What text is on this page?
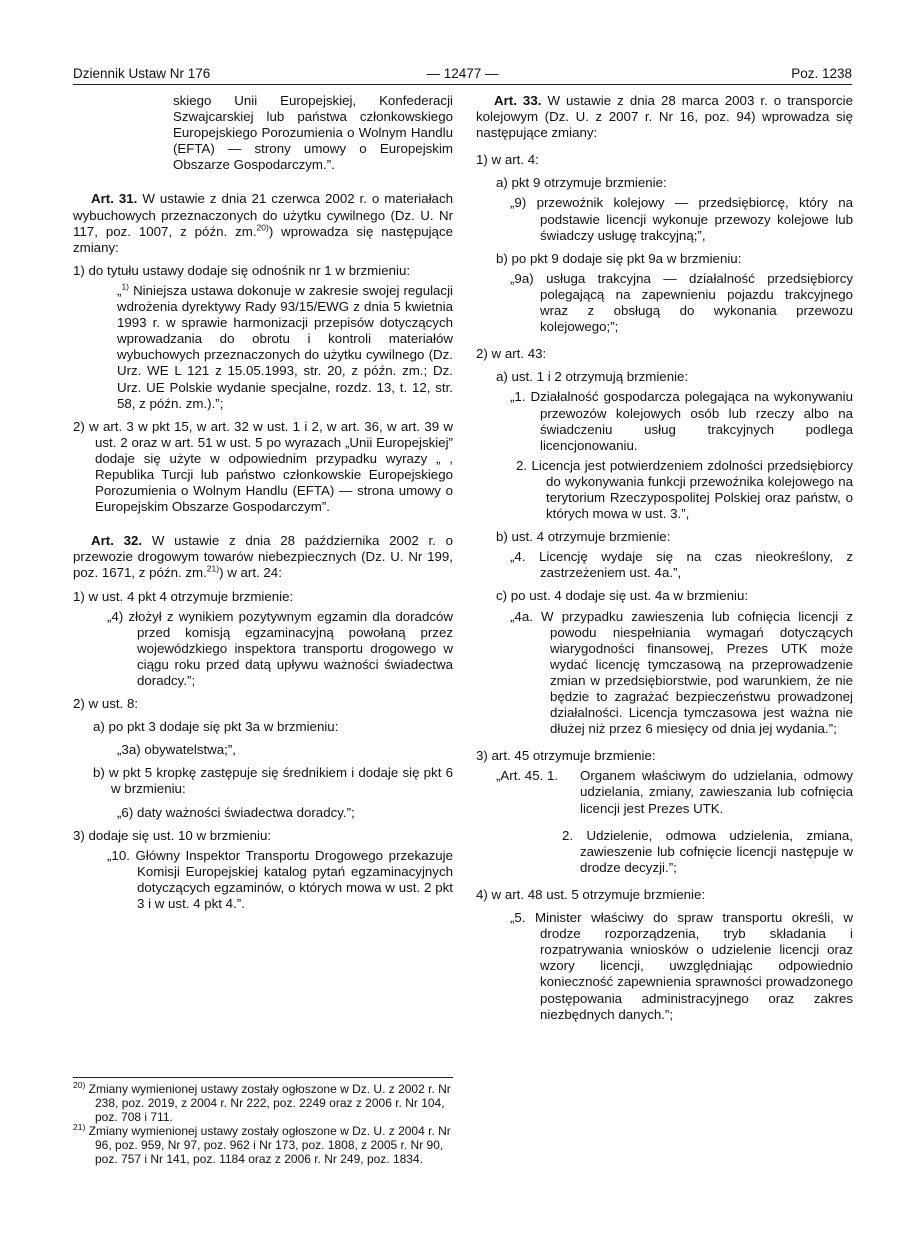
Dziennik Ustaw Nr 176	— 12477 —	Poz. 1238

skiego Unii Europejskiej, Konfederacji Szwajcarskiej lub państwa członkowskiego Europejskiego Porozumienia o Wolnym Handlu (EFTA) — strony umowy o Europejskim Obszarze Gospodarczym.”.

Art. 31. W ustawie z dnia 21 czerwca 2002 r. o materiałach wybuchowych przeznaczonych do użytku cywilnego (Dz. U. Nr 117, poz. 1007, z późn. zm.$^{20)}$) wprowadza się następujące zmiany:

1) do tytułu ustawy dodaje się odnośnik nr 1 w brzmieniu:

„$^{1)}$ Niniejsza ustawa dokonuje w zakresie swojej regulacji wdrożenia dyrektywy Rady 93/15/EWG z dnia 5 kwietnia 1993 r. w sprawie harmonizacji przepisów dotyczących wprowadzania do obrotu i kontroli materiałów wybuchowych przeznaczonych do użytku cywilnego (Dz. Urz. WE L 121 z 15.05.1993, str. 20, z późn. zm.; Dz. Urz. UE Polskie wydanie specjalne, rozdz. 13, t. 12, str. 58, z późn. zm.).”;

2) w art. 3 w pkt 15, w art. 32 w ust. 1 i 2, w art. 36, w art. 39 w ust. 2 oraz w art. 51 w ust. 5 po wyrazach „Unii Europejskiej” dodaje się użyte w odpowiednim przypadku wyrazy „ , Republika Turcji lub państwo członkowskie Europejskiego Porozumienia o Wolnym Handlu (EFTA) — strona umowy o Europejskim Obszarze Gospodarczym”.

Art. 32. W ustawie z dnia 28 października 2002 r. o przewozie drogowym towarów niebezpiecznych (Dz. U. Nr 199, poz. 1671, z późn. zm.$^{21)}$) w art. 24:

1) w ust. 4 pkt 4 otrzymuje brzmienie:

„4) złożył z wynikiem pozytywnym egzamin dla doradców przed komisją egzaminacyjną powołaną przez wojewódzkiego inspektora transportu drogowego w ciągu roku przed datą upływu ważności świadectwa doradcy.”;

2) w ust. 8:

a) po pkt 3 dodaje się pkt 3a w brzmieniu:

„3a) obywatelstwa;”,

b) w pkt 5 kropkę zastępuje się średnikiem i dodaje się pkt 6 w brzmieniu:

„6) daty ważności świadectwa doradcy.”;

3) dodaje się ust. 10 w brzmieniu:

„10. Główny Inspektor Transportu Drogowego przekazuje Komisji Europejskiej katalog pytań egzaminacyjnych dotyczących egzaminów, o których mowa w ust. 2 pkt 3 i w ust. 4 pkt 4.”.

$^{20)}$ Zmiany wymienionej ustawy zostały ogłoszone w Dz. U. z 2002 r. Nr 238, poz. 2019, z 2004 r. Nr 222, poz. 2249 oraz z 2006 r. Nr 104, poz. 708 i 711.

$^{21)}$ Zmiany wymienionej ustawy zostały ogłoszone w Dz. U. z 2004 r. Nr 96, poz. 959, Nr 97, poz. 962 i Nr 173, poz. 1808, z 2005 r. Nr 90, poz. 757 i Nr 141, poz. 1184 oraz z 2006 r. Nr 249, poz. 1834.

Art. 33. W ustawie z dnia 28 marca 2003 r. o transporcie kolejowym (Dz. U. z 2007 r. Nr 16, poz. 94) wprowadza się następujące zmiany:

1) w art. 4:

a) pkt 9 otrzymuje brzmienie:

„9) przewoźnik kolejowy — przedsiębiorcę, który na podstawie licencji wykonuje przewozy kolejowe lub świadczy usługę trakcyjną;”,

b) po pkt 9 dodaje się pkt 9a w brzmieniu:

„9a) usługa trakcyjna — działalność przedsiębiorcy polegającą na zapewnieniu pojazdu trakcyjnego wraz z obsługą do wykonania przewozu kolejowego;”;

2) w art. 43:

a) ust. 1 i 2 otrzymują brzmienie:

„1. Działalność gospodarcza polegająca na wykonywaniu przewozów kolejowych osób lub rzeczy albo na świadczeniu usług trakcyjnych podlega licencjonowaniu.

2. Licencja jest potwierdzeniem zdolności przedsiębiorcy do wykonywania funkcji przewoźnika kolejowego na terytorium Rzeczypospolitej Polskiej oraz państw, o których mowa w ust. 3.”,

b) ust. 4 otrzymuje brzmienie:

„4. Licencję wydaje się na czas nieokreślony, z zastrzeżeniem ust. 4a.”,

c) po ust. 4 dodaje się ust. 4a w brzmieniu:

„4a. W przypadku zawieszenia lub cofnięcia licencji z powodu niespełniania wymagań dotyczących wiarygodności finansowej, Prezes UTK może wydać licencję tymczasową na przeprowadzenie zmian w przedsiębiorstwie, pod warunkiem, że nie będzie to zagrażać bezpieczeństwu prowadzonej działalności. Licencja tymczasowa jest ważna nie dłużej niż przez 6 miesięcy od dnia jej wydania.”;

3) art. 45 otrzymuje brzmienie:

„Art. 45. 1.	Organem właściwym do udzielania, odmowy udzielania, zmiany, zawieszania lub cofnięcia licencji jest Prezes UTK.

2. Udzielenie, odmowa udzielenia, zmiana, zawieszenie lub cofnięcie licencji następuje w drodze decyzji.”;

4) w art. 48 ust. 5 otrzymuje brzmienie:

„5. Minister właściwy do spraw transportu określi, w drodze rozporządzenia, tryb składania i rozpatrywania wniosków o udzielenie licencji oraz wzory licencji, uwzględniając odpowiednio konieczność zapewnienia sprawności prowadzonego postępowania administracyjnego oraz zakres niezbędnych danych.”;
